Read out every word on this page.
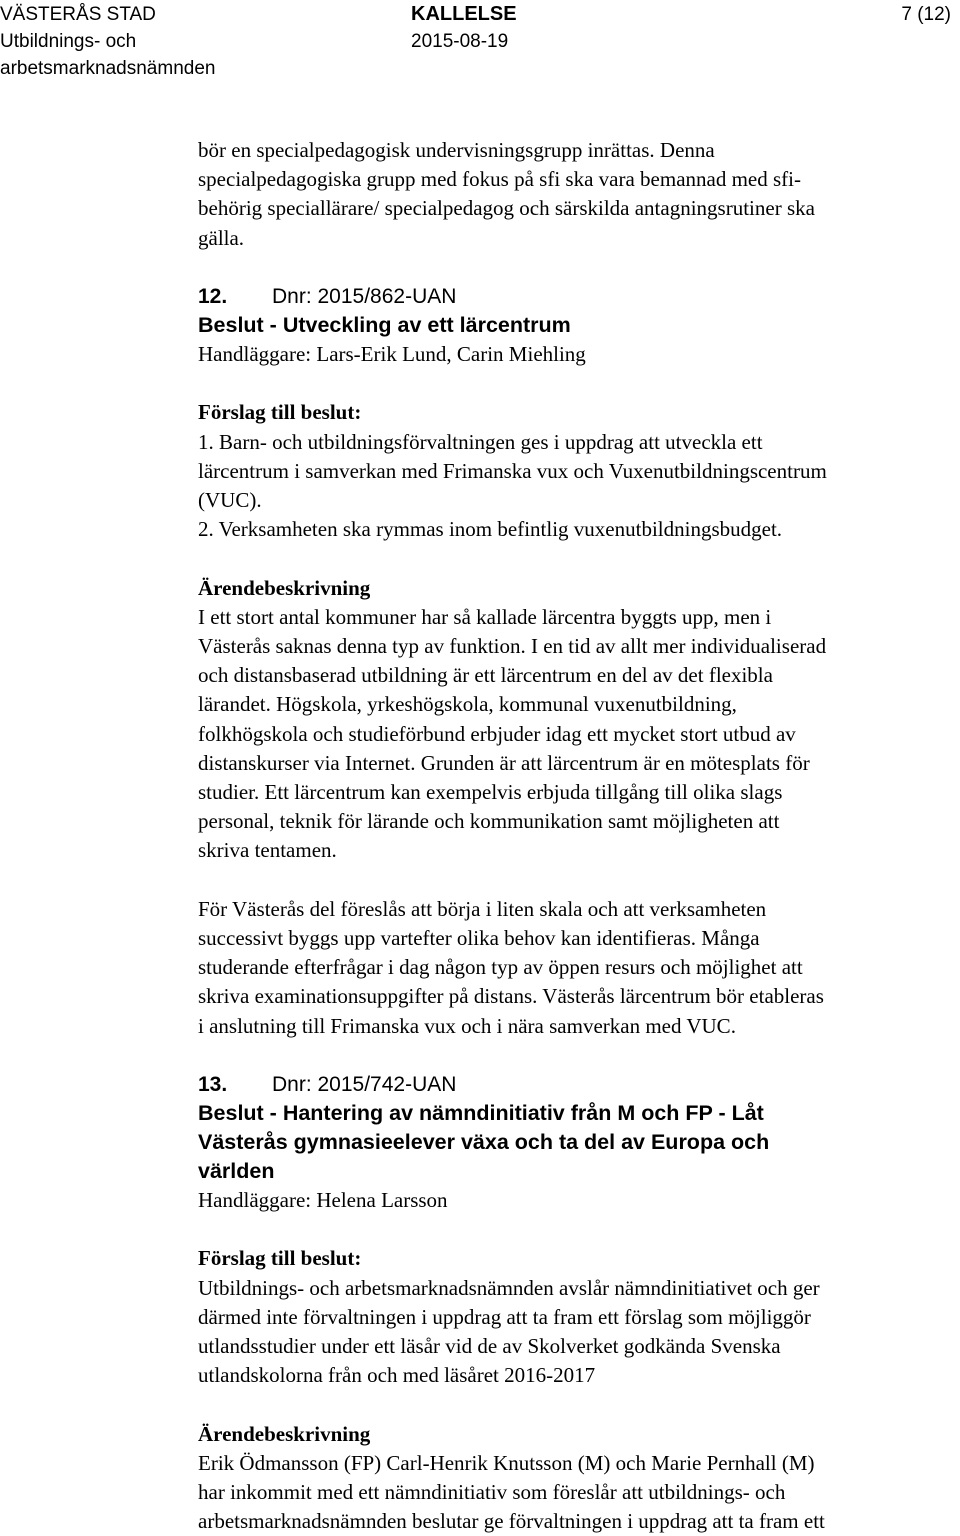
VÄSTERÅS STAD
Utbildnings- och
arbetsmarknadsnämnden
KALLELSE
2015-08-19
7 (12)

bör en specialpedagogisk undervisningsgrupp inrättas. Denna

specialpedagogiska grupp med fokus på sfi ska vara bemannad med sfi-

behörig speciallärare/ specialpedagog och särskilda antagningsrutiner ska

gälla.

12. Dnr: 2015/862-UAN
Beslut - Utveckling av ett lärcentrum

Handläggare: Lars-Erik Lund, Carin Miehling

Förslag till beslut:

1. Barn- och utbildningsförvaltningen ges i uppdrag att utveckla ett

lärcentrum i samverkan med Frimanska vux och Vuxenutbildningscentrum

(VUC).

2. Verksamheten ska rymmas inom befintlig vuxenutbildningsbudget.

Ärendebeskrivning

I ett stort antal kommuner har så kallade lärcentra byggts upp, men i

Västerås saknas denna typ av funktion. I en tid av allt mer individualiserad

och distansbaserad utbildning är ett lärcentrum en del av det flexibla

lärandet. Högskola, yrkeshögskola, kommunal vuxenutbildning,

folkhögskola och studieförbund erbjuder idag ett mycket stort utbud av

distanskurser via Internet. Grunden är att lärcentrum är en mötesplats för

studier. Ett lärcentrum kan exempelvis erbjuda tillgång till olika slags

personal, teknik för lärande och kommunikation samt möjligheten att

skriva tentamen.

För Västerås del föreslås att börja i liten skala och att verksamheten

successivt byggs upp vartefter olika behov kan identifieras. Många

studerande efterfrågar i dag någon typ av öppen resurs och möjlighet att

skriva examinationsuppgifter på distans. Västerås lärcentrum bör etableras

i anslutning till Frimanska vux och i nära samverkan med VUC.

13. Dnr: 2015/742-UAN
Beslut - Hantering av nämndinitiativ från M och FP - Låt
Västerås gymnasieelever växa och ta del av Europa och
världen

Handläggare: Helena Larsson

Förslag till beslut:

Utbildnings- och arbetsmarknadsnämnden avslår nämndinitiativet och ger

därmed inte förvaltningen i uppdrag att ta fram ett förslag som möjliggör

utlandsstudier under ett läsår vid de av Skolverket godkända Svenska

utlandskolorna från och med läsåret 2016-2017

Ärendebeskrivning

Erik Ödmansson (FP) Carl-Henrik Knutsson (M) och Marie Pernhall (M)

har inkommit med ett nämndinitiativ som föreslår att utbildnings- och

arbetsmarknadsnämnden beslutar ge förvaltningen i uppdrag att ta fram ett
